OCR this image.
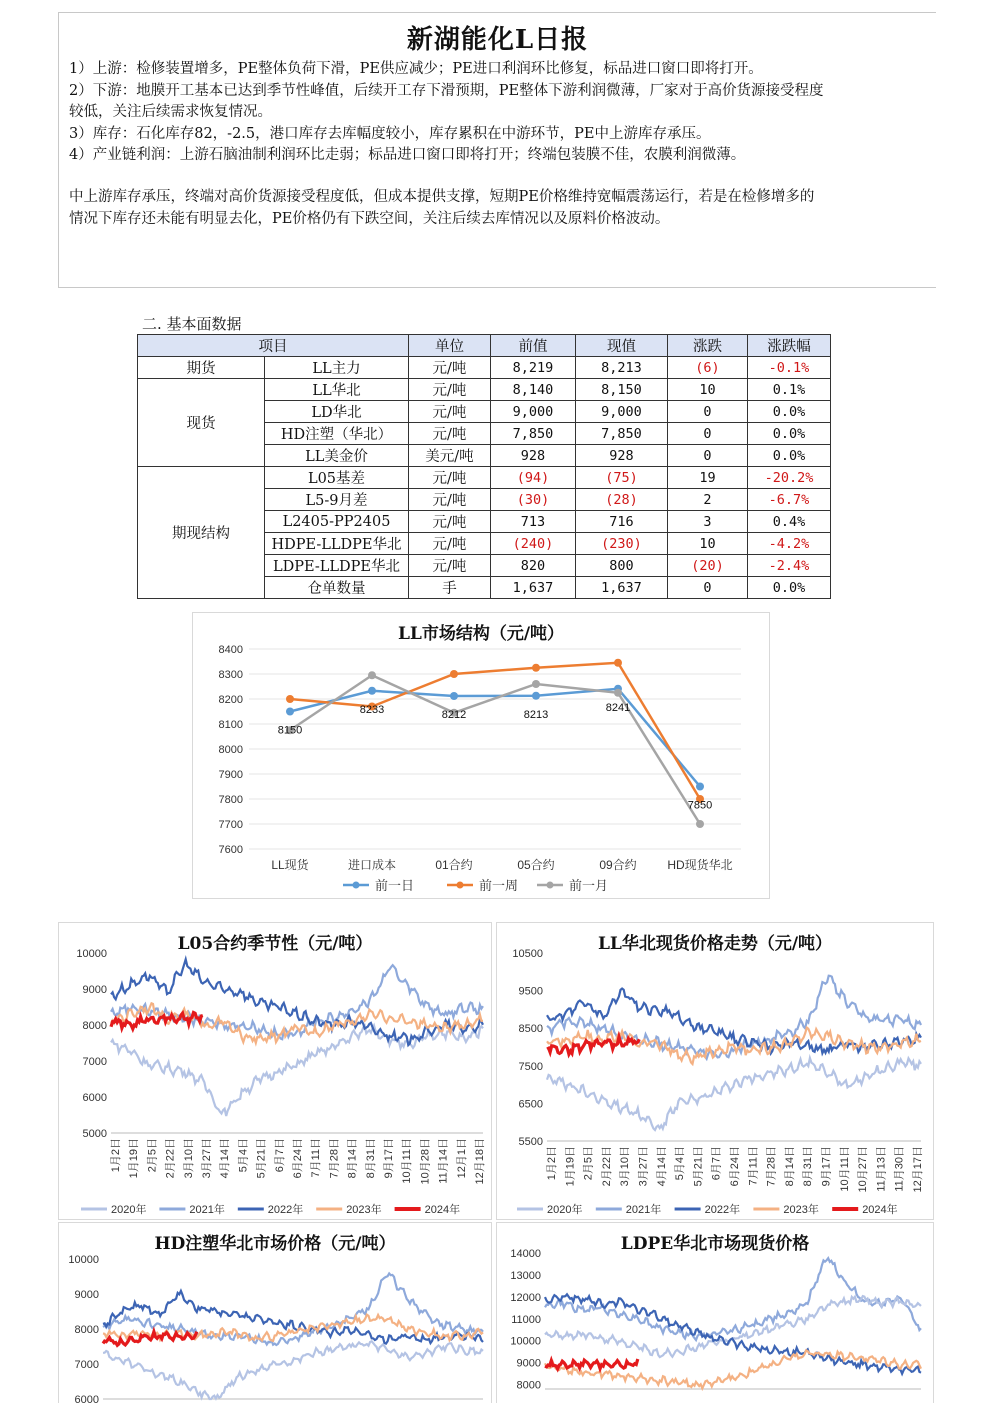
新湖能化L日报

1）上游：检修装置增多，PE整体负荷下滑，PE供应减少；PE进口利润环比修复，标品进口窗口即将打开。

2）下游：地膜开工基本已达到季节性峰值，后续开工存下滑预期，PE整体下游利润微薄，厂家对于高价货源接受程度

较低，关注后续需求恢复情况。

3）库存：石化库存82，-2.5，港口库存去库幅度较小，库存累积在中游环节，PE中上游库存承压。

4）产业链利润：上游石脑油制利润环比走弱；标品进口窗口即将打开；终端包装膜不佳，农膜利润微薄。

中上游库存承压，终端对高价货源接受程度低，但成本提供支撑，短期PE价格维持宽幅震荡运行，若是在检修增多的

情况下库存还未能有明显去化，PE价格仍有下跌空间，关注后续去库情况以及原料价格波动。

二. 基本面数据
项目		单位	前值	现值	涨跌	涨跌幅
期货	LL主力	元/吨	8,219	8,213	(6)	-0.1%
现货	LL华北	元/吨	8,140	8,150	10	0.1%
	LD华北	元/吨	9,000	9,000	0	0.0%
	HD注塑（华北）	元/吨	7,850	7,850	0	0.0%
	LL美金价	美元/吨	928	928	0	0.0%
期现结构	L05基差	元/吨	(94)	(75)	19	-20.2%
	L5-9月差	元/吨	(30)	(28)	2	-6.7%
	L2405-PP2405	元/吨	713	716	3	0.4%
	HDPE-LLDPE华北	元/吨	(240)	(230)	10	-4.2%
	LDPE-LLDPE华北	元/吨	820	800	(20)	-2.4%
	仓单数量	手	1,637	1,637	0	0.0%
LL市场结构（元/吨）
7600
7700
7800
7900
8000
8100
8200
8300
8400
LL现货	进口成本	01合约	05合约	09合约	HD现货华北
8150
8233	8212	8213
8241
7850
前一日	前一周	前一月
L05合约季节性（元/吨）
5000
6000
7000
8000
9000
10000
1月2日 1月19日 2月5日 2月22日 3月10日 3月27日 4月14日 5月4日 5月21日 6月7日 6月24日 7月11日 7月28日 8月14日 8月31日 9月17日 10月11日 10月28日 11月14日 12月1日 12月18日
2020年	2021年	2022年	2023年	2024年
LL华北现货价格走势（元/吨）
5500
6500
7500
8500
9500
10500
1月2日 1月19日 2月5日 2月22日 3月10日 3月27日 4月14日 5月4日 5月21日 6月7日 6月24日 7月11日 7月28日 8月14日 8月31日 9月17日 10月11日 10月27日 11月13日 11月30日 12月17日
2020年	2021年	2022年	2023年	2024年
HD注塑华北市场价格（元/吨）
6000
7000
8000
9000
10000
LDPE华北市场现货价格
8000
9000
10000
11000
12000
13000
14000
